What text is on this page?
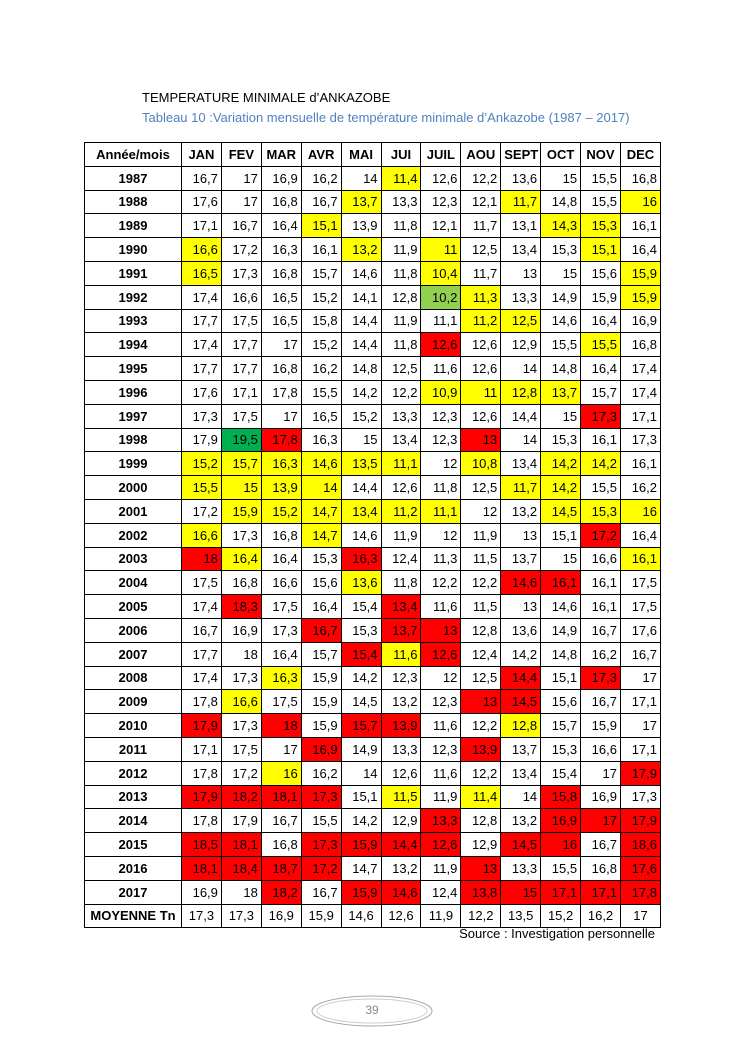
TEMPERATURE MINIMALE d’ANKAZOBE
Tableau 10 :Variation mensuelle de température minimale d’Ankazobe (1987 – 2017)
Année/mois	JAN	FEV	MAR	AVR	MAI	JUI	JUIL	AOU	SEPT	OCT	NOV	DEC
1987	16,7	17	16,9	16,2	14	11,4	12,6	12,2	13,6	15	15,5	16,8
1988	17,6	17	16,8	16,7	13,7	13,3	12,3	12,1	11,7	14,8	15,5	16
1989	17,1	16,7	16,4	15,1	13,9	11,8	12,1	11,7	13,1	14,3	15,3	16,1
1990	16,6	17,2	16,3	16,1	13,2	11,9	11	12,5	13,4	15,3	15,1	16,4
1991	16,5	17,3	16,8	15,7	14,6	11,8	10,4	11,7	13	15	15,6	15,9
1992	17,4	16,6	16,5	15,2	14,1	12,8	10,2	11,3	13,3	14,9	15,9	15,9
1993	17,7	17,5	16,5	15,8	14,4	11,9	11,1	11,2	12,5	14,6	16,4	16,9
1994	17,4	17,7	17	15,2	14,4	11,8	12,6	12,6	12,9	15,5	15,5	16,8
1995	17,7	17,7	16,8	16,2	14,8	12,5	11,6	12,6	14	14,8	16,4	17,4
1996	17,6	17,1	17,8	15,5	14,2	12,2	10,9	11	12,8	13,7	15,7	17,4
1997	17,3	17,5	17	16,5	15,2	13,3	12,3	12,6	14,4	15	17,3	17,1
1998	17,9	19,5	17,8	16,3	15	13,4	12,3	13	14	15,3	16,1	17,3
1999	15,2	15,7	16,3	14,6	13,5	11,1	12	10,8	13,4	14,2	14,2	16,1
2000	15,5	15	13,9	14	14,4	12,6	11,8	12,5	11,7	14,2	15,5	16,2
2001	17,2	15,9	15,2	14,7	13,4	11,2	11,1	12	13,2	14,5	15,3	16
2002	16,6	17,3	16,8	14,7	14,6	11,9	12	11,9	13	15,1	17,2	16,4
2003	18	16,4	16,4	15,3	16,3	12,4	11,3	11,5	13,7	15	16,6	16,1
2004	17,5	16,8	16,6	15,6	13,6	11,8	12,2	12,2	14,6	16,1	16,1	17,5
2005	17,4	18,3	17,5	16,4	15,4	13,4	11,6	11,5	13	14,6	16,1	17,5
2006	16,7	16,9	17,3	16,7	15,3	13,7	13	12,8	13,6	14,9	16,7	17,6
2007	17,7	18	16,4	15,7	15,4	11,6	12,6	12,4	14,2	14,8	16,2	16,7
2008	17,4	17,3	16,3	15,9	14,2	12,3	12	12,5	14,4	15,1	17,3	17
2009	17,8	16,6	17,5	15,9	14,5	13,2	12,3	13	14,5	15,6	16,7	17,1
2010	17,9	17,3	18	15,9	15,7	13,9	11,6	12,2	12,8	15,7	15,9	17
2011	17,1	17,5	17	16,9	14,9	13,3	12,3	13,9	13,7	15,3	16,6	17,1
2012	17,8	17,2	16	16,2	14	12,6	11,6	12,2	13,4	15,4	17	17,9
2013	17,9	18,2	18,1	17,3	15,1	11,5	11,9	11,4	14	15,8	16,9	17,3
2014	17,8	17,9	16,7	15,5	14,2	12,9	13,3	12,8	13,2	16,9	17	17,9
2015	18,5	18,1	16,8	17,3	15,9	14,4	12,6	12,9	14,5	16	16,7	18,6
2016	18,1	18,4	18,7	17,2	14,7	13,2	11,9	13	13,3	15,5	16,8	17,6
2017	16,9	18	18,2	16,7	15,9	14,6	12,4	13,8	15	17,1	17,1	17,8
MOYENNE Tn	17,3	17,3	16,9	15,9	14,6	12,6	11,9	12,2	13,5	15,2	16,2	17
Source : Investigation personnelle
39
